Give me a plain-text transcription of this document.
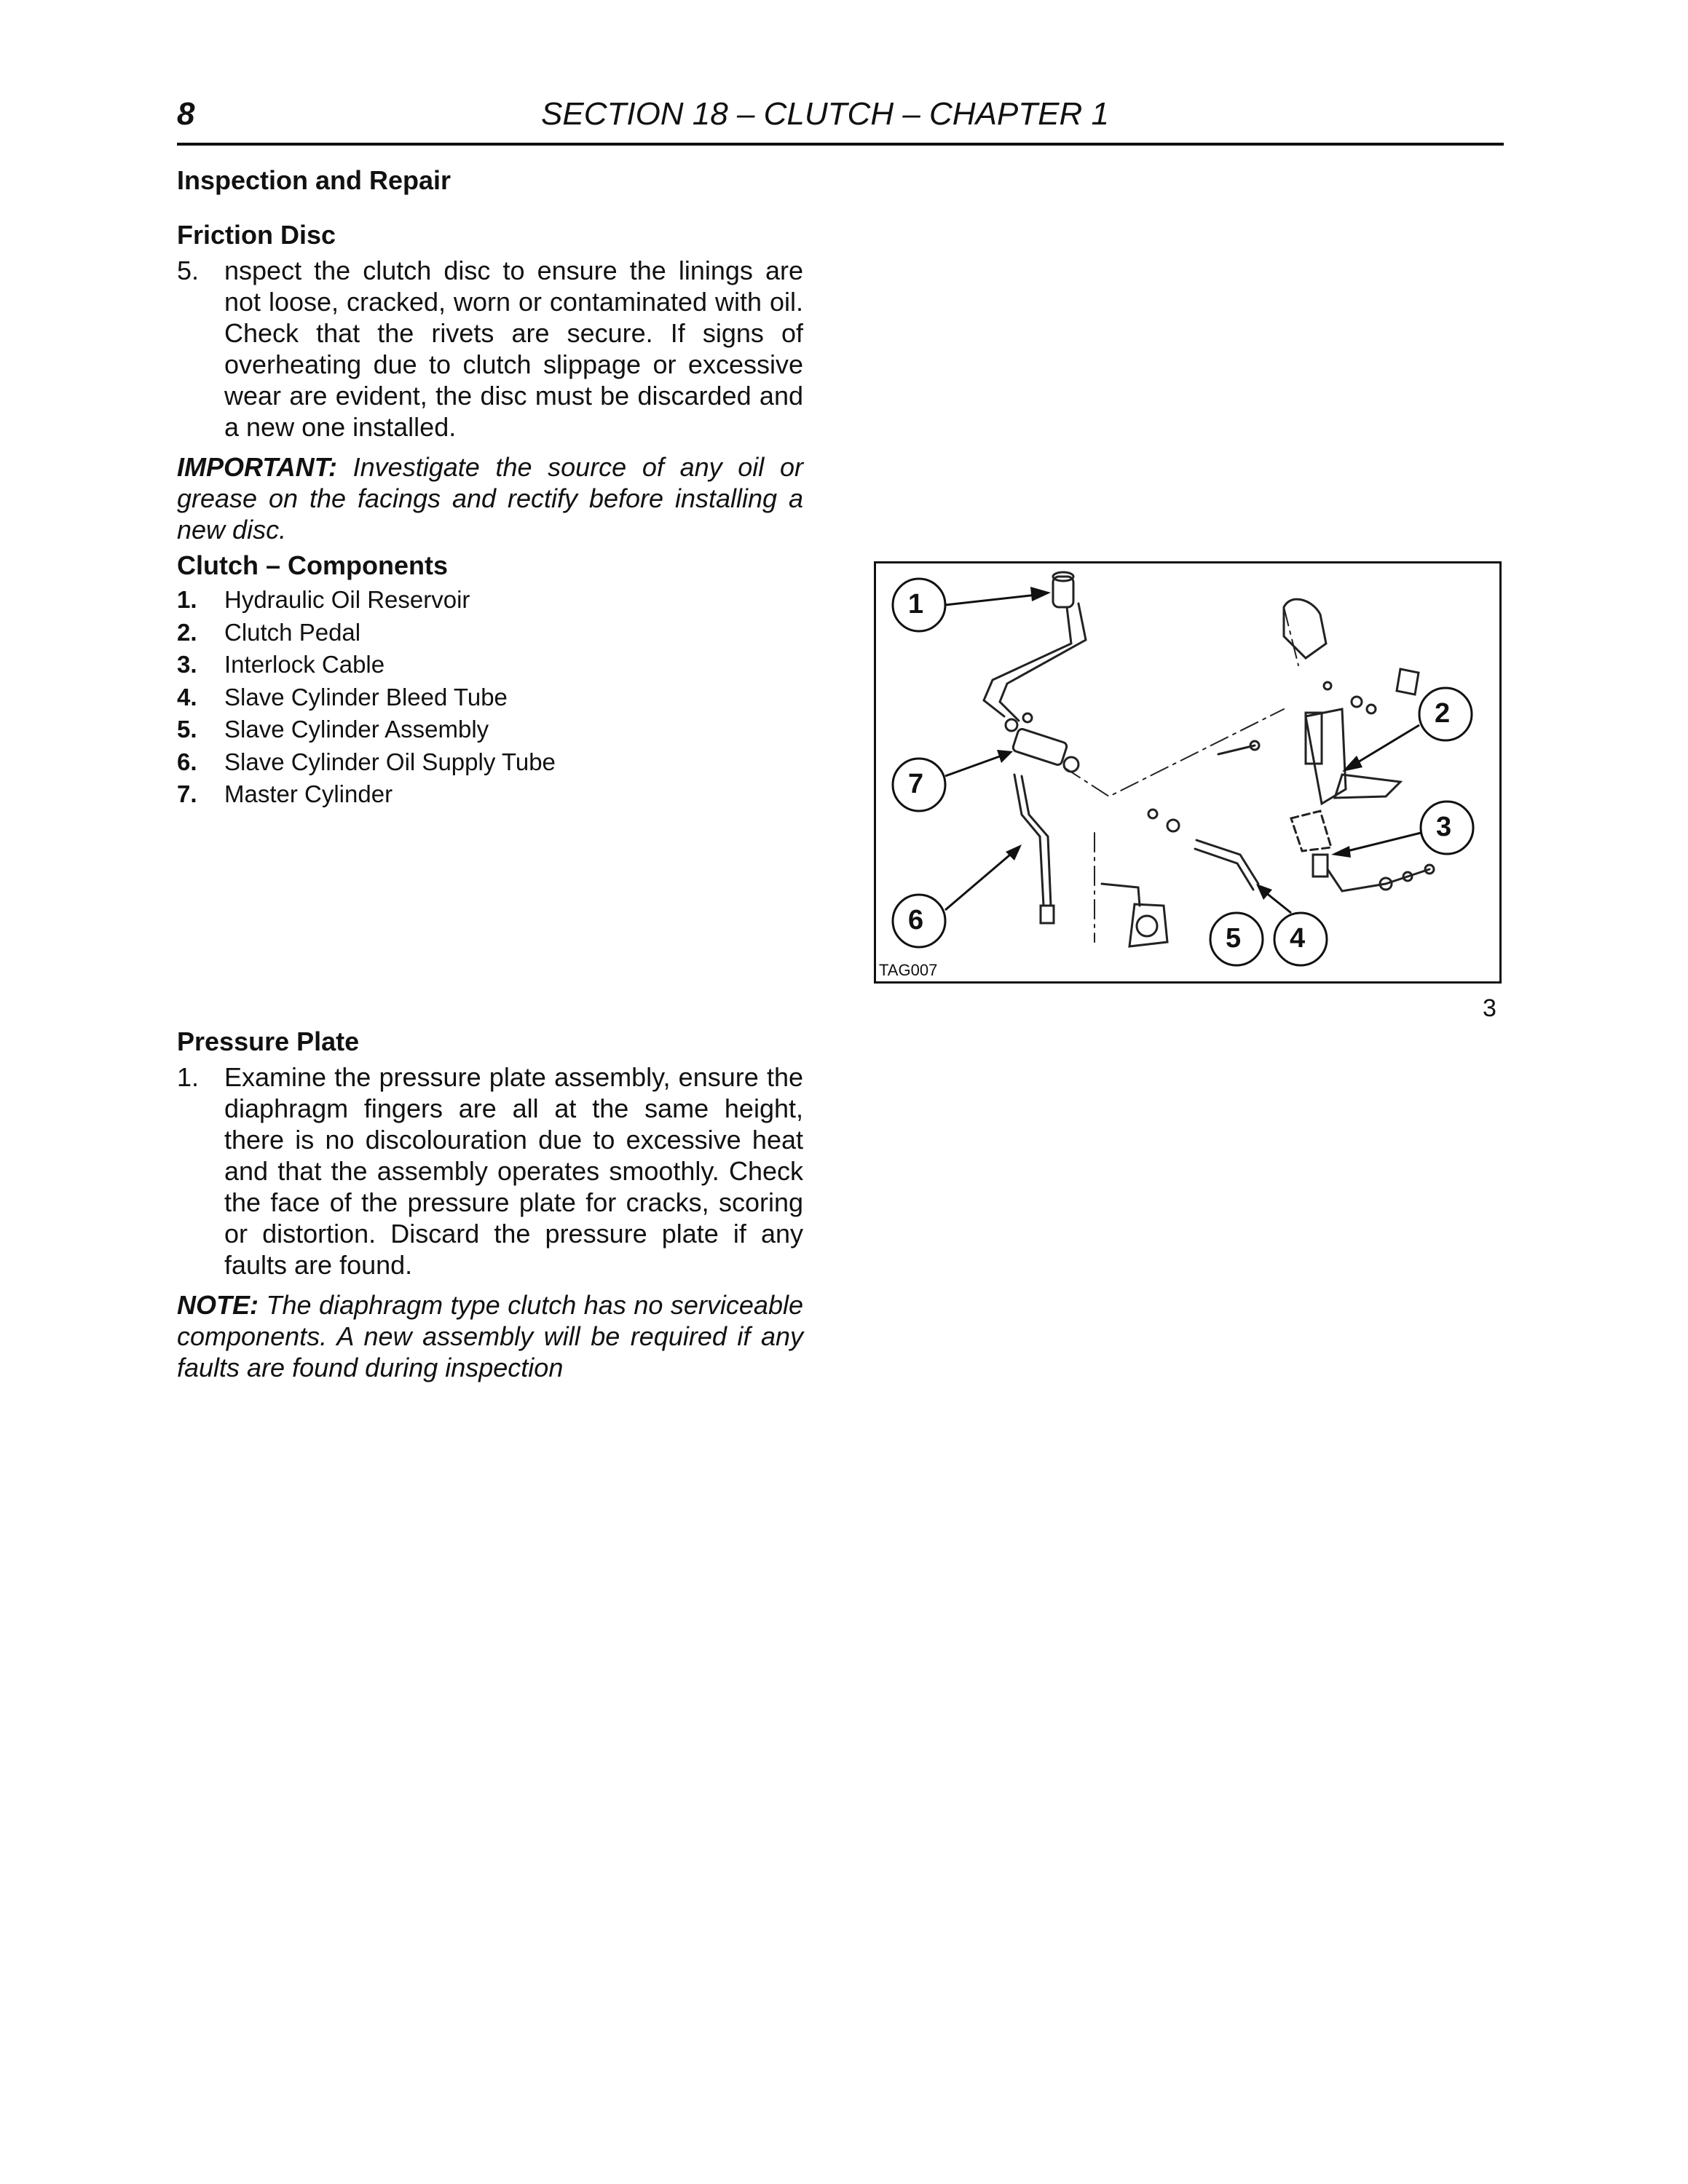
8	SECTION 18 – CLUTCH – CHAPTER 1
Inspection and Repair
Friction Disc
5. nspect the clutch disc to ensure the linings are not loose, cracked, worn or contaminated with oil. Check that the rivets are secure. If signs of overheating due to clutch slippage or excessive wear are evident, the disc must be discarded and a new one installed.

IMPORTANT: Investigate the source of any oil or grease on the facings and rectify before installing a new disc.

Clutch – Components
1.	Hydraulic Oil Reservoir
2.	Clutch Pedal
3.	Interlock Cable
4.	Slave Cylinder Bleed Tube
5.	Slave Cylinder Assembly
6.	Slave Cylinder Oil Supply Tube
7.	Master Cylinder
1
2
3
4
5
6
7
TAG007
3
Pressure Plate
1. Examine the pressure plate assembly, ensure the diaphragm fingers are all at the same height, there is no discolouration due to excessive heat and that the assembly operates smoothly. Check the face of the pressure plate for cracks, scoring or distortion. Discard the pressure plate if any faults are found.

NOTE: The diaphragm type clutch has no serviceable components. A new assembly will be required if any faults are found during inspection
